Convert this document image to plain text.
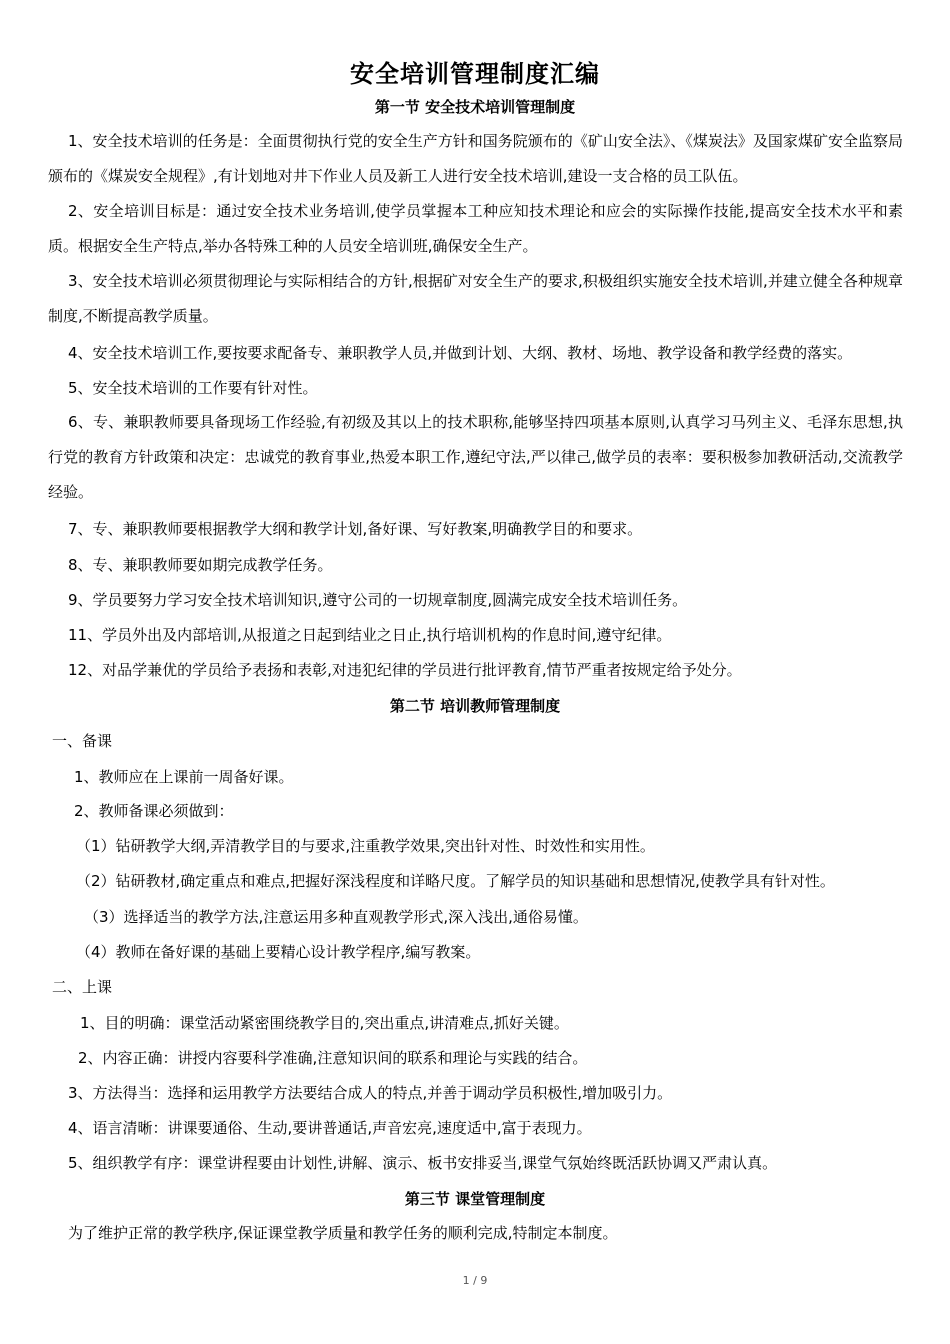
安全培训管理制度汇编
第一节 安全技术培训管理制度
1、安全技术培训的任务是：全面贯彻执行党的安全生产方针和国务院颁布的《矿山安全法》、《煤炭法》及国家煤矿安全监察局颁布的《煤炭安全规程》,有计划地对井下作业人员及新工人进行安全技术培训,建设一支合格的员工队伍。
2、安全培训目标是：通过安全技术业务培训,使学员掌握本工种应知技术理论和应会的实际操作技能,提高安全技术水平和素质。根据安全生产特点,举办各特殊工种的人员安全培训班,确保安全生产。
3、安全技术培训必须贯彻理论与实际相结合的方针,根据矿对安全生产的要求,积极组织实施安全技术培训,并建立健全各种规章制度,不断提高教学质量。
4、安全技术培训工作,要按要求配备专、兼职教学人员,并做到计划、大纲、教材、场地、教学设备和教学经费的落实。
5、安全技术培训的工作要有针对性。
6、专、兼职教师要具备现场工作经验,有初级及其以上的技术职称,能够坚持四项基本原则,认真学习马列主义、毛泽东思想,执行党的教育方针政策和决定：忠诚党的教育事业,热爱本职工作,遵纪守法,严以律己,做学员的表率：要积极参加教研活动,交流教学经验。
7、专、兼职教师要根据教学大纲和教学计划,备好课、写好教案,明确教学目的和要求。
8、专、兼职教师要如期完成教学任务。
9、学员要努力学习安全技术培训知识,遵守公司的一切规章制度,圆满完成安全技术培训任务。
11、学员外出及内部培训,从报道之日起到结业之日止,执行培训机构的作息时间,遵守纪律。
12、对品学兼优的学员给予表扬和表彰,对违犯纪律的学员进行批评教育,情节严重者按规定给予处分。
第二节 培训教师管理制度
一、备课
1、教师应在上课前一周备好课。
2、教师备课必须做到：
（1）钻研教学大纲,弄清教学目的与要求,注重教学效果,突出针对性、时效性和实用性。
（2）钻研教材,确定重点和难点,把握好深浅程度和详略尺度。了解学员的知识基础和思想情况,使教学具有针对性。
（3）选择适当的教学方法,注意运用多种直观教学形式,深入浅出,通俗易懂。
（4）教师在备好课的基础上要精心设计教学程序,编写教案。
二、上课
1、目的明确：课堂活动紧密围绕教学目的,突出重点,讲清难点,抓好关键。
2、内容正确：讲授内容要科学准确,注意知识间的联系和理论与实践的结合。
3、方法得当：选择和运用教学方法要结合成人的特点,并善于调动学员积极性,增加吸引力。
4、语言清晰：讲课要通俗、生动,要讲普通话,声音宏亮,速度适中,富于表现力。
5、组织教学有序：课堂讲程要由计划性,讲解、演示、板书安排妥当,课堂气氛始终既活跃协调又严肃认真。
第三节 课堂管理制度
为了维护正常的教学秩序,保证课堂教学质量和教学任务的顺利完成,特制定本制度。
1 / 9
